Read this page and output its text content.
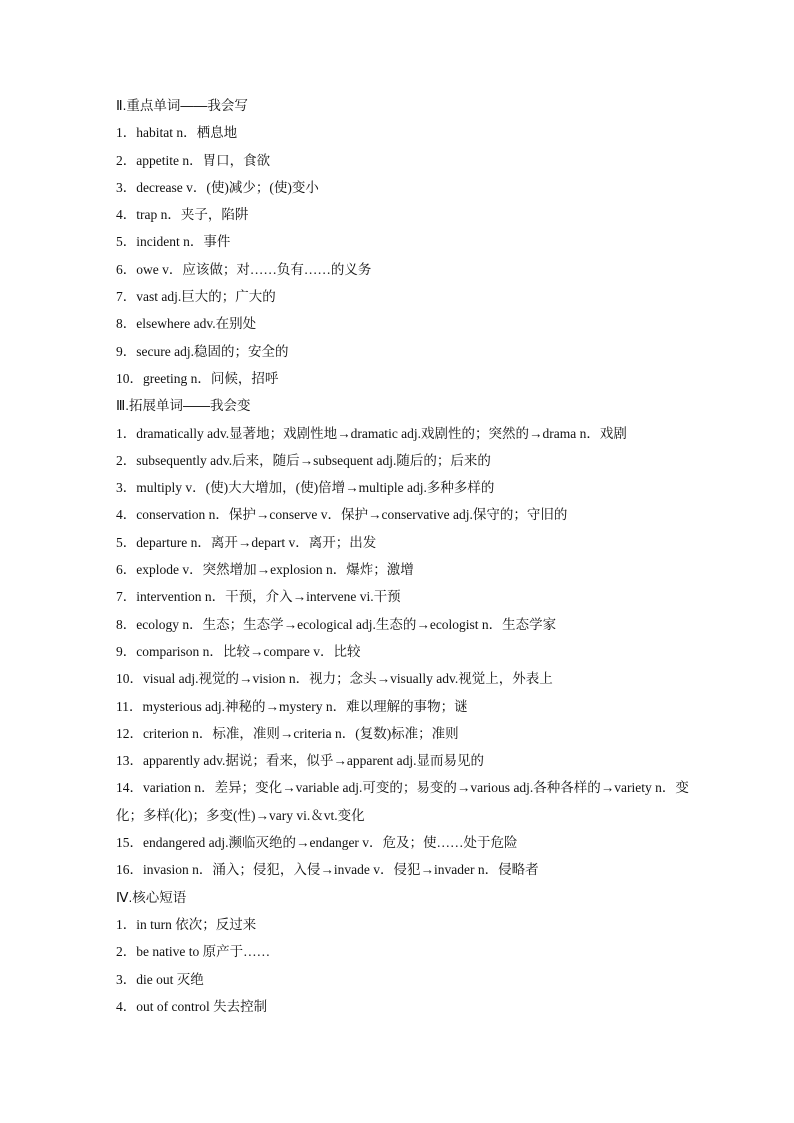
Ⅱ.重点单词——我会写
1．habitat n．栖息地
2．appetite n．胃口，食欲
3．decrease v．(使)减少；(使)变小
4．trap n．夹子，陷阱
5．incident n．事件
6．owe v．应该做；对……负有……的义务
7．vast adj.巨大的；广大的
8．elsewhere adv.在别处
9．secure adj.稳固的；安全的
10．greeting n．问候，招呼
Ⅲ.拓展单词——我会变
1．dramatically adv.显著地；戏剧性地→dramatic adj.戏剧性的；突然的→drama n．戏剧
2．subsequently adv.后来，随后→subsequent adj.随后的；后来的
3．multiply v．(使)大大增加，(使)倍增→multiple adj.多种多样的
4．conservation n．保护→conserve v．保护→conservative adj.保守的；守旧的
5．departure n．离开→depart v．离开；出发
6．explode v．突然增加→explosion n．爆炸；激增
7．intervention n．干预，介入→intervene vi.干预
8．ecology n．生态；生态学→ecological adj.生态的→ecologist n．生态学家
9．comparison n．比较→compare v．比较
10．visual adj.视觉的→vision n．视力；念头→visually adv.视觉上，外表上
11．mysterious adj.神秘的→mystery n．难以理解的事物；谜
12．criterion n．标准，准则→criteria n．(复数)标准；准则
13．apparently adv.据说；看来，似乎→apparent adj.显而易见的
14．variation n．差异；变化→variable adj.可变的；易变的→various adj.各种各样的→variety n．变化；多样(化)；多变(性)→vary vi.＆vt.变化
15．endangered adj.濒临灭绝的→endanger v．危及；使……处于危险
16．invasion n．涌入；侵犯，入侵→invade v．侵犯→invader n．侵略者
Ⅳ.核心短语
1．in turn 依次；反过来
2．be native to 原产于……
3．die out 灭绝
4．out of control 失去控制
